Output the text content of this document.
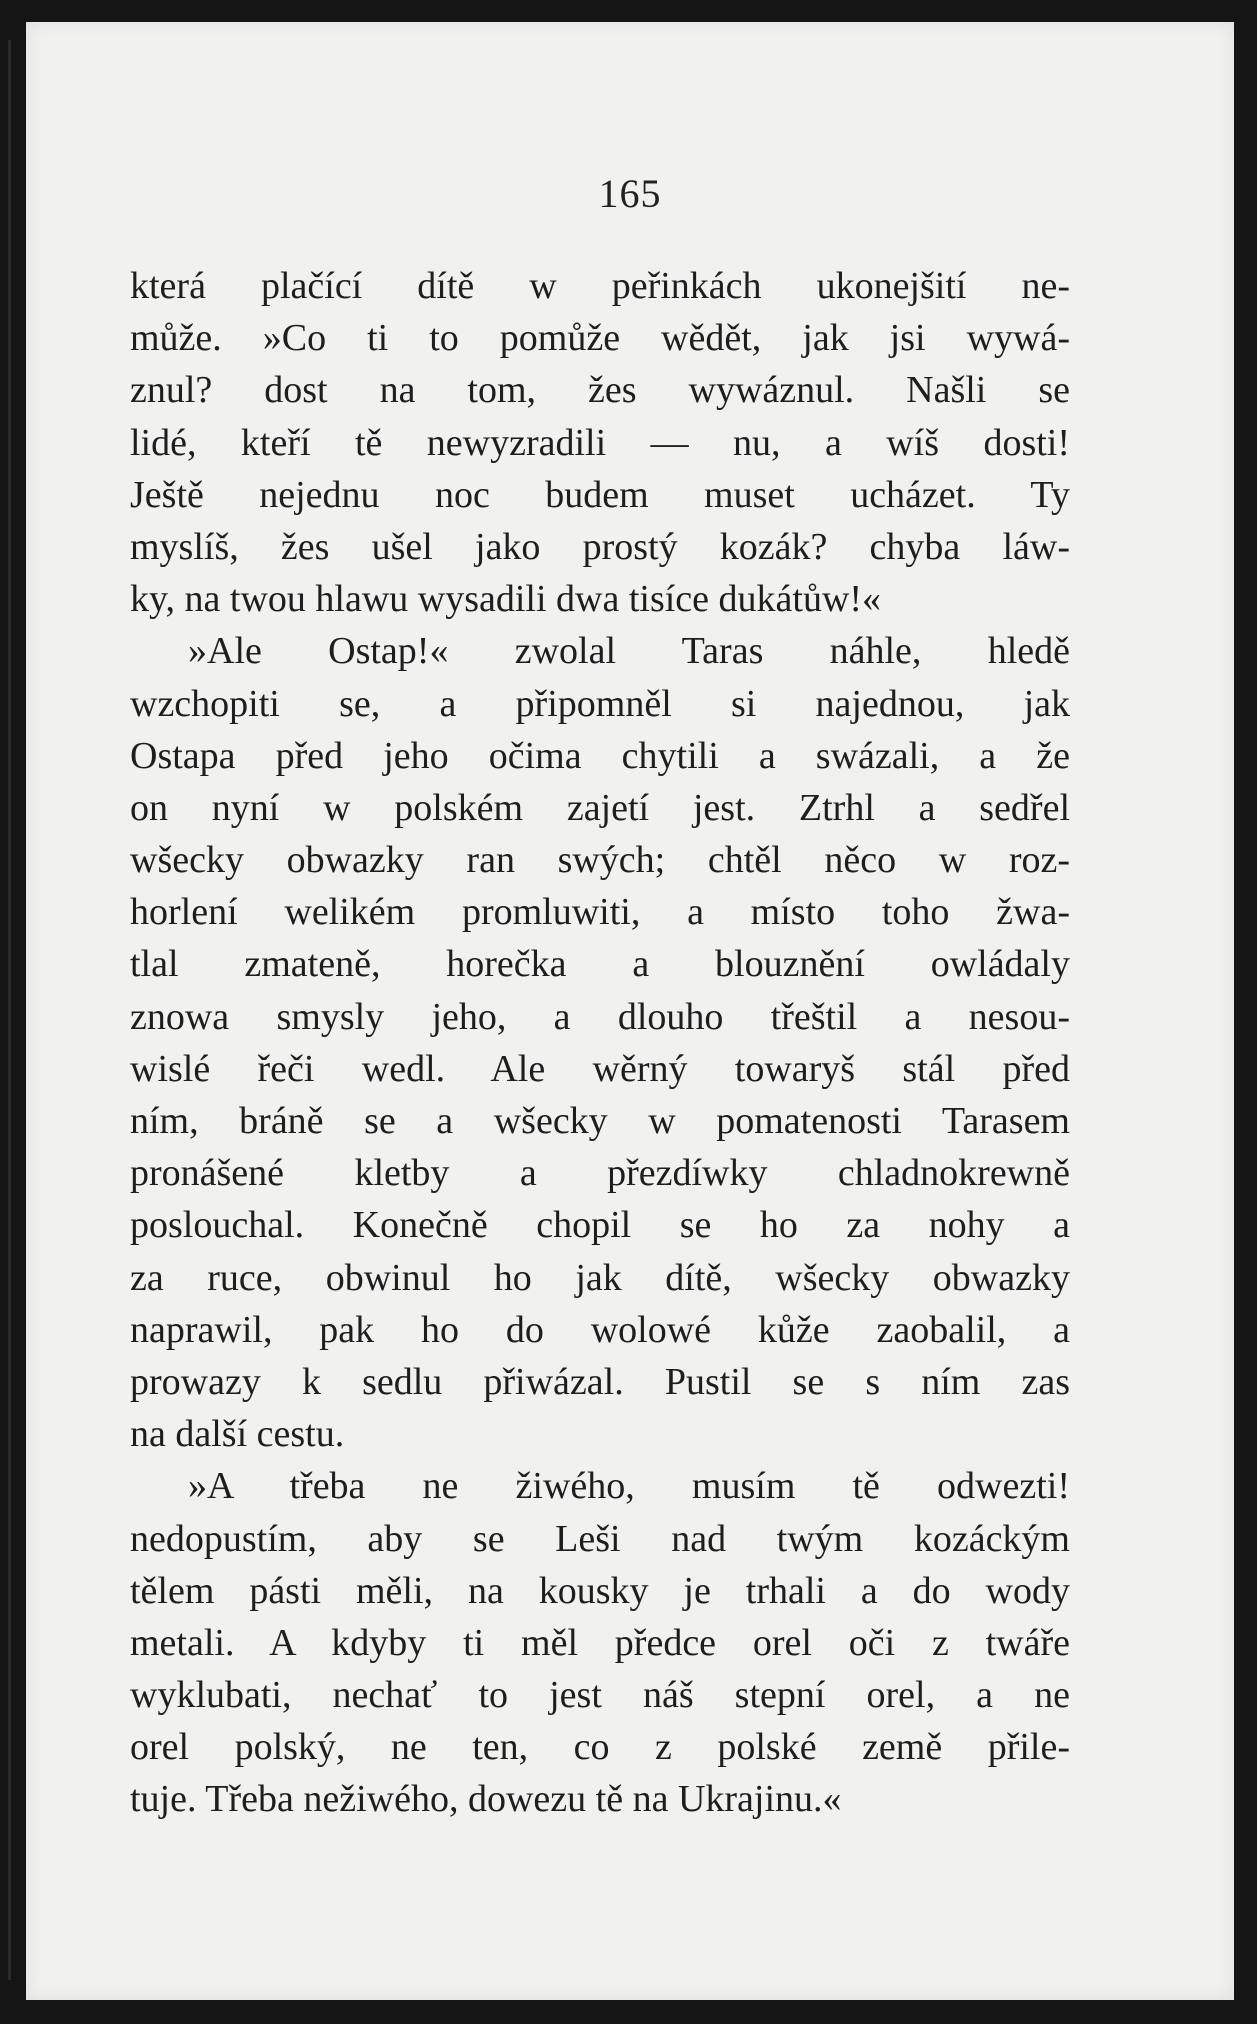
165

která plačící dítě w peřinkách ukonejšití ne-
může. »Co ti to pomůže wědět, jak jsi wywá-
znul? dost na tom, žes wywáznul. Našli se
lidé, kteří tě newyzradili — nu, a wíš dosti!
Ještě nejednu noc budem muset ucházet. Ty
myslíš, žes ušel jako prostý kozák? chyba láw-
ky, na twou hlawu wysadili dwa tisíce dukátůw!«
»Ale Ostap!« zwolal Taras náhle, hledě
wzchopiti se, a připomněl si najednou, jak
Ostapa před jeho očima chytili a swázali, a že
on nyní w polském zajetí jest. Ztrhl a sedřel
wšecky obwazky ran swých; chtěl něco w roz-
horlení welikém promluwiti, a místo toho žwa-
tlal zmateně, horečka a blouznění owládaly
znowa smysly jeho, a dlouho třeštil a nesou-
wislé řeči wedl. Ale wěrný towaryš stál před
ním, bráně se a wšecky w pomatenosti Tarasem
pronášené kletby a přezdíwky chladnokrewně
poslouchal. Konečně chopil se ho za nohy a
za ruce, obwinul ho jak dítě, wšecky obwazky
naprawil, pak ho do wolowé kůže zaobalil, a
prowazy k sedlu přiwázal. Pustil se s ním zas
na další cestu.
»A třeba ne žiwého, musím tě odwezti!
nedopustím, aby se Leši nad twým kozáckým
tělem pásti měli, na kousky je trhali a do wody
metali. A kdyby ti měl předce orel oči z twáře
wyklubati, nechať to jest náš stepní orel, a ne
orel polský, ne ten, co z polské země přile-
tuje. Třeba nežiwého, dowezu tě na Ukrajinu.«
